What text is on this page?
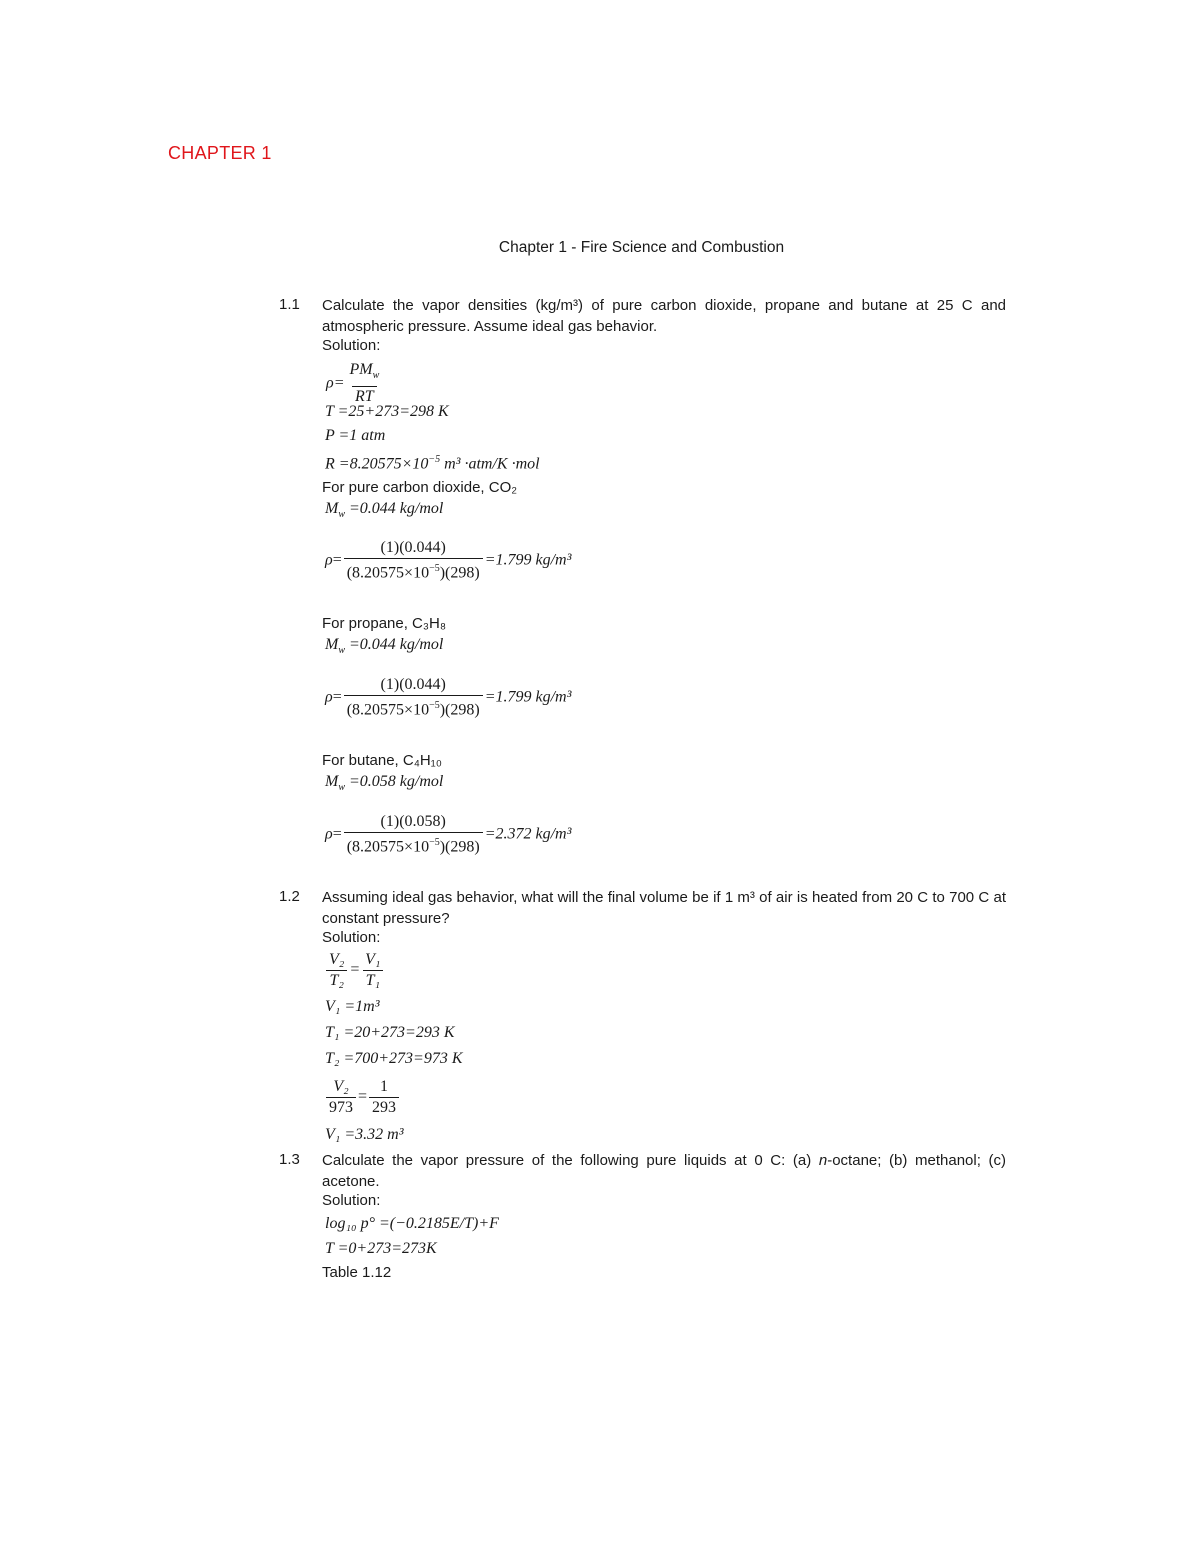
CHAPTER 1
Chapter 1 - Fire Science and Combustion
1.1 Calculate the vapor densities (kg/m³) of pure carbon dioxide, propane and butane at 25 C and atmospheric pressure. Assume ideal gas behavior.
Solution:
$\rho= \frac{PM_w}{RT}$
T =25+273=298 K
P =1 atm
$R =8.20575\times 10^{-5}$ m³ ·atm/K ·mol
For pure carbon dioxide, CO₂
$M_w =0.044$ kg/mol
$\rho= \frac{(1)(0.044)}{(8.20575\times 10^{-5})(298)} =1.799$ kg/m³
For propane, C₃H₈
$M_w =0.044$ kg/mol
$\rho= \frac{(1)(0.044)}{(8.20575\times 10^{-5})(298)} =1.799$ kg/m³
For butane, C₄H₁₀
$M_w =0.058$ kg/mol
$\rho= \frac{(1)(0.058)}{(8.20575\times 10^{-5})(298)} =2.372$ kg/m³
1.2 Assuming ideal gas behavior, what will the final volume be if 1 m³ of air is heated from 20 C to 700 C at constant pressure?
Solution:
$\frac{\text{V₂}}{\text{T₂}} = \frac{\text{V₁}}{\text{T₁}}$
V₁ =1m³
T₁ =20+273=293 K
T₂ =700+273=973 K
$\frac{\text{V₂}}{973} = \frac{1}{293}$
V₁ =3.32 m³
1.3 Calculate the vapor pressure of the following pure liquids at 0 C: (a) n-octane; (b) methanol; (c) acetone.
Solution:
log₁₀ p° =(−0.2185E/T)+F
T =0+273=273K
Table 1.12
